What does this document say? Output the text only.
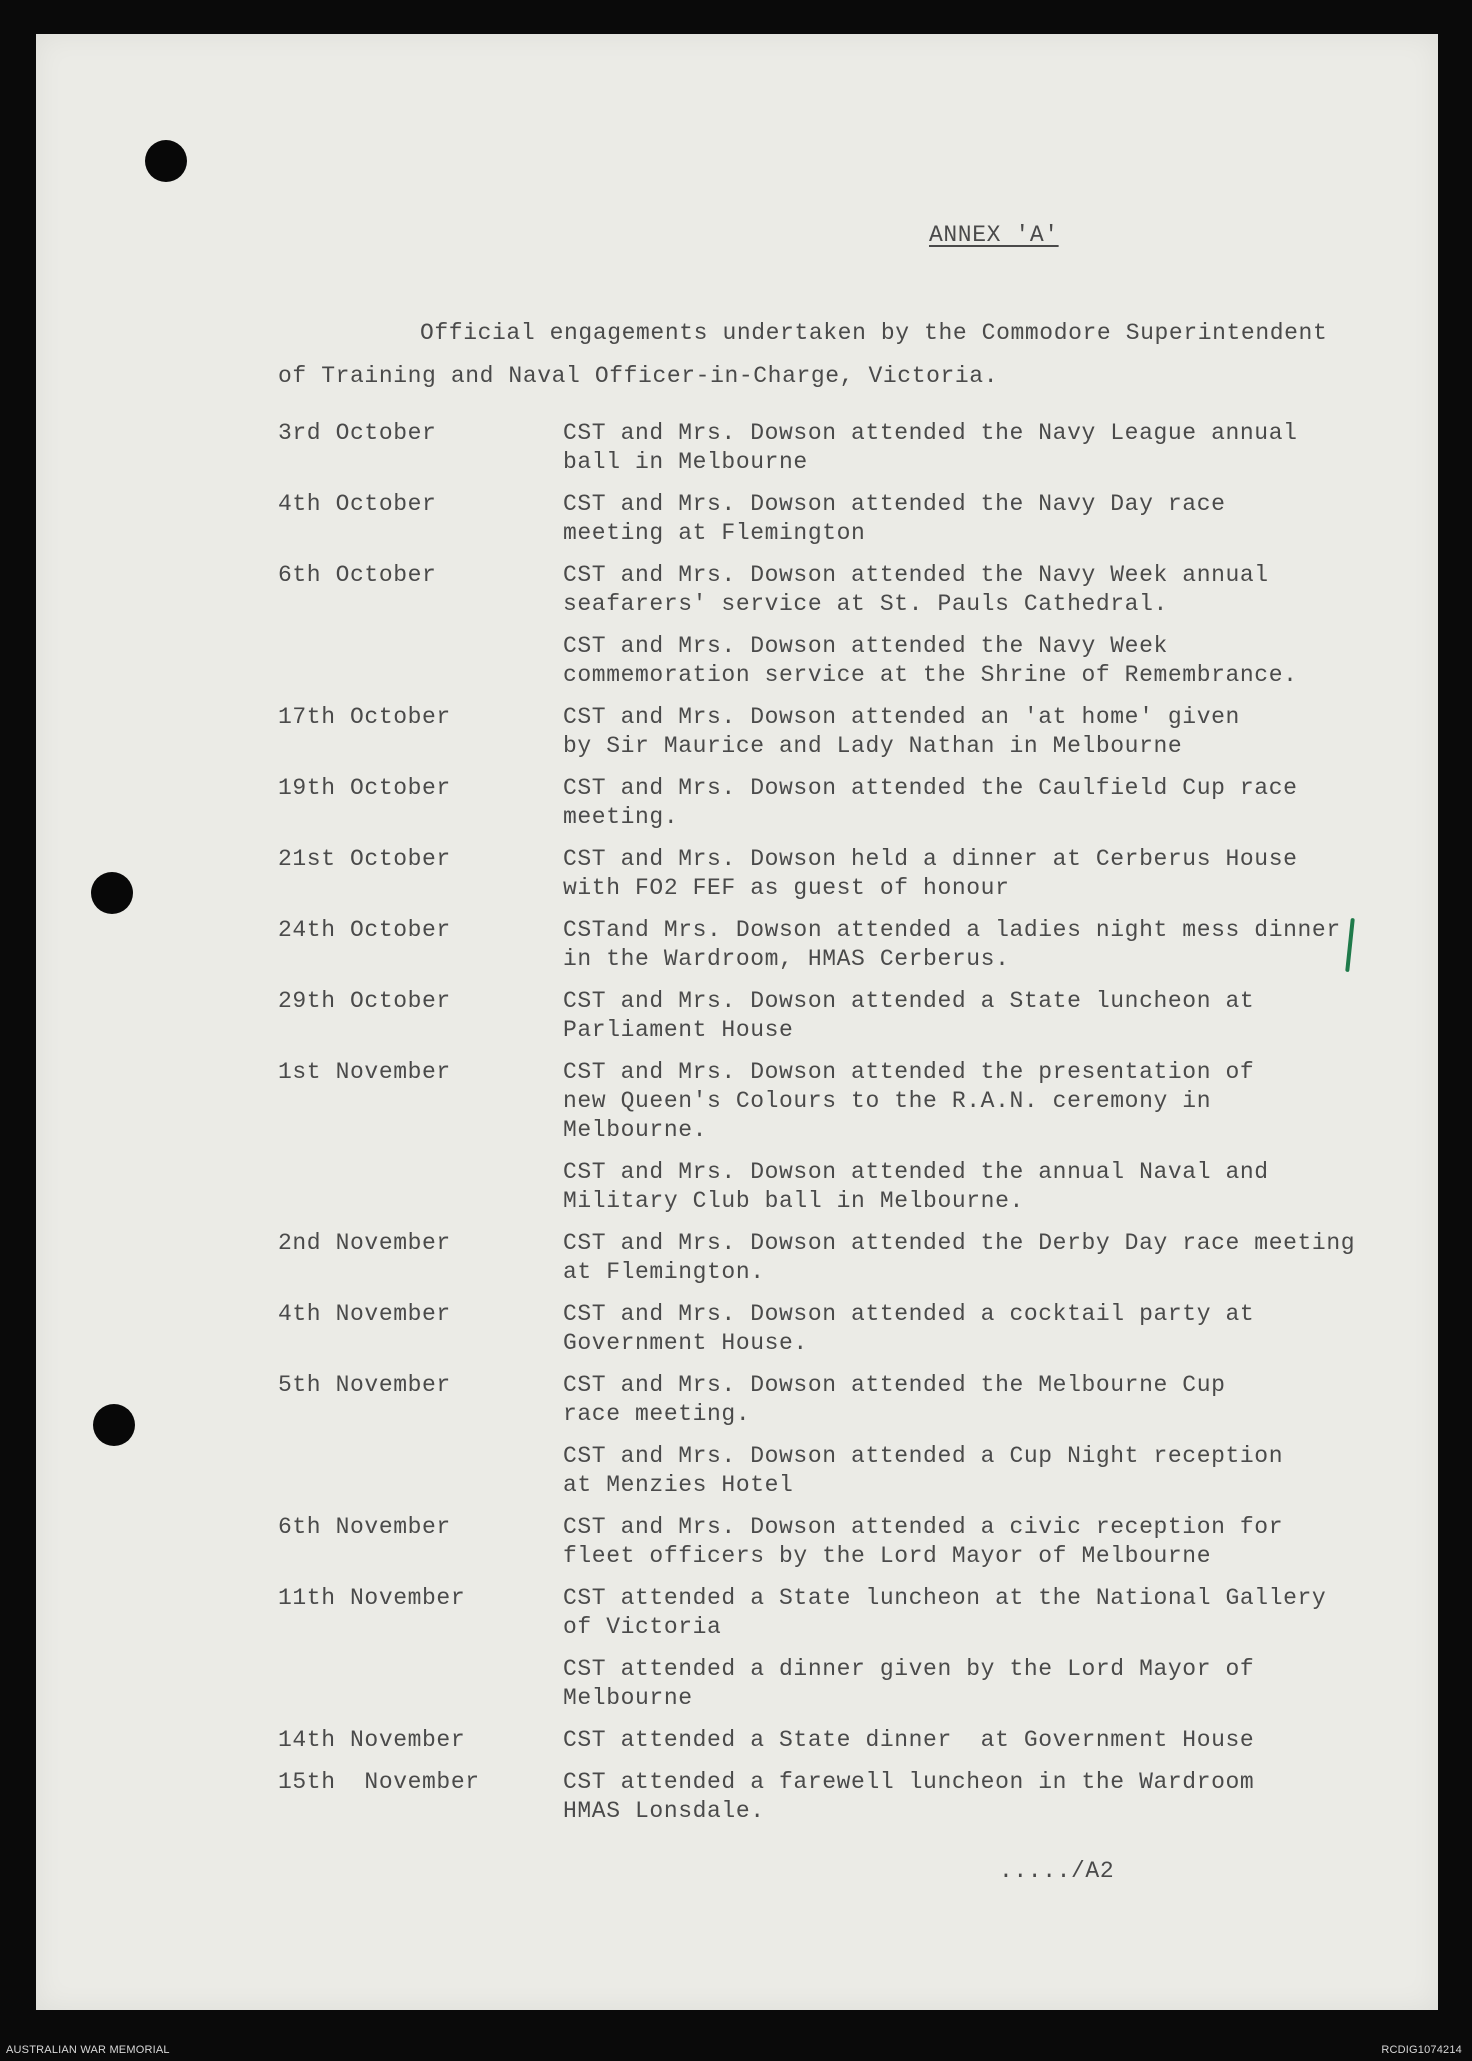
ANNEX 'A'
Official engagements undertaken by the Commodore Superintendent
of Training and Naval Officer-in-Charge, Victoria.
3rd October	CST and Mrs. Dowson attended the Navy League annual
ball in Melbourne
4th October	CST and Mrs. Dowson attended the Navy Day race
meeting at Flemington
6th October	CST and Mrs. Dowson attended the Navy Week annual
seafarers' service at St. Pauls Cathedral.
CST and Mrs. Dowson attended the Navy Week
commemoration service at the Shrine of Remembrance.
17th October	CST and Mrs. Dowson attended an 'at home' given
by Sir Maurice and Lady Nathan in Melbourne
19th October	CST and Mrs. Dowson attended the Caulfield Cup race
meeting.
21st October	CST and Mrs. Dowson held a dinner at Cerberus House
with FO2 FEF as guest of honour
24th October	CSTand Mrs. Dowson attended a ladies night mess dinner
in the Wardroom, HMAS Cerberus.
29th October	CST and Mrs. Dowson attended a State luncheon at
Parliament House
1st November	CST and Mrs. Dowson attended the presentation of
new Queen's Colours to the R.A.N. ceremony in
Melbourne.
CST and Mrs. Dowson attended the annual Naval and
Military Club ball in Melbourne.
2nd November	CST and Mrs. Dowson attended the Derby Day race meeting
at Flemington.
4th November	CST and Mrs. Dowson attended a cocktail party at
Government House.
5th November	CST and Mrs. Dowson attended the Melbourne Cup
race meeting.
CST and Mrs. Dowson attended a Cup Night reception
at Menzies Hotel
6th November	CST and Mrs. Dowson attended a civic reception for
fleet officers by the Lord Mayor of Melbourne
11th November	CST attended a State luncheon at the National Gallery
of Victoria
CST attended a dinner given by the Lord Mayor of
Melbourne
14th November	CST attended a State dinner  at Government House
15th  November	CST attended a farewell luncheon in the Wardroom
HMAS Lonsdale.
...../A2
AUSTRALIAN WAR MEMORIAL	RCDIG1074214
